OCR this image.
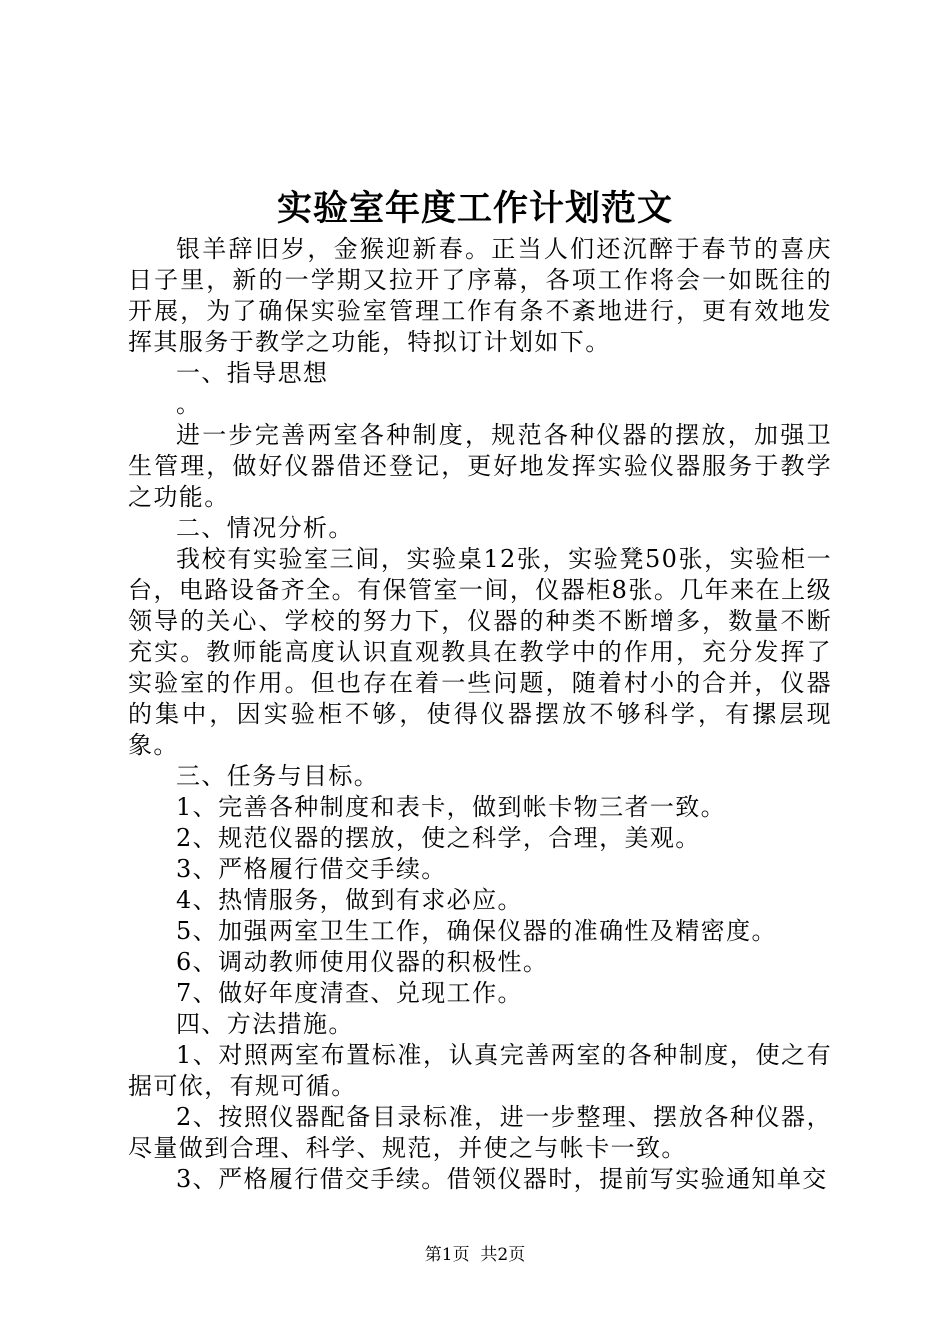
实验室年度工作计划范文

银羊辞旧岁，金猴迎新春。正当人们还沉醉于春节的喜庆日子里，新的一学期又拉开了序幕，各项工作将会一如既往的开展，为了确保实验室管理工作有条不紊地进行，更有效地发挥其服务于教学之功能，特拟订计划如下。

一、指导思想

。

进一步完善两室各种制度，规范各种仪器的摆放，加强卫生管理，做好仪器借还登记，更好地发挥实验仪器服务于教学之功能。

二、情况分析。

我校有实验室三间，实验桌12张，实验凳50张，实验柜一台，电路设备齐全。有保管室一间，仪器柜8张。几年来在上级领导的关心、学校的努力下，仪器的种类不断增多，数量不断充实。教师能高度认识直观教具在教学中的作用，充分发挥了实验室的作用。但也存在着一些问题，随着村小的合并，仪器的集中，因实验柜不够，使得仪器摆放不够科学，有摞层现象。

三、任务与目标。

1、完善各种制度和表卡，做到帐卡物三者一致。

2、规范仪器的摆放，使之科学，合理，美观。

3、严格履行借交手续。

4、热情服务，做到有求必应。

5、加强两室卫生工作，确保仪器的准确性及精密度。

6、调动教师使用仪器的积极性。

7、做好年度清查、兑现工作。

四、方法措施。

1、对照两室布置标准，认真完善两室的各种制度，使之有据可依，有规可循。

2、按照仪器配备目录标准，进一步整理、摆放各种仪器，尽量做到合理、科学、规范，并使之与帐卡一致。

3、严格履行借交手续。借领仪器时，提前写实验通知单交

第1页 共2页
